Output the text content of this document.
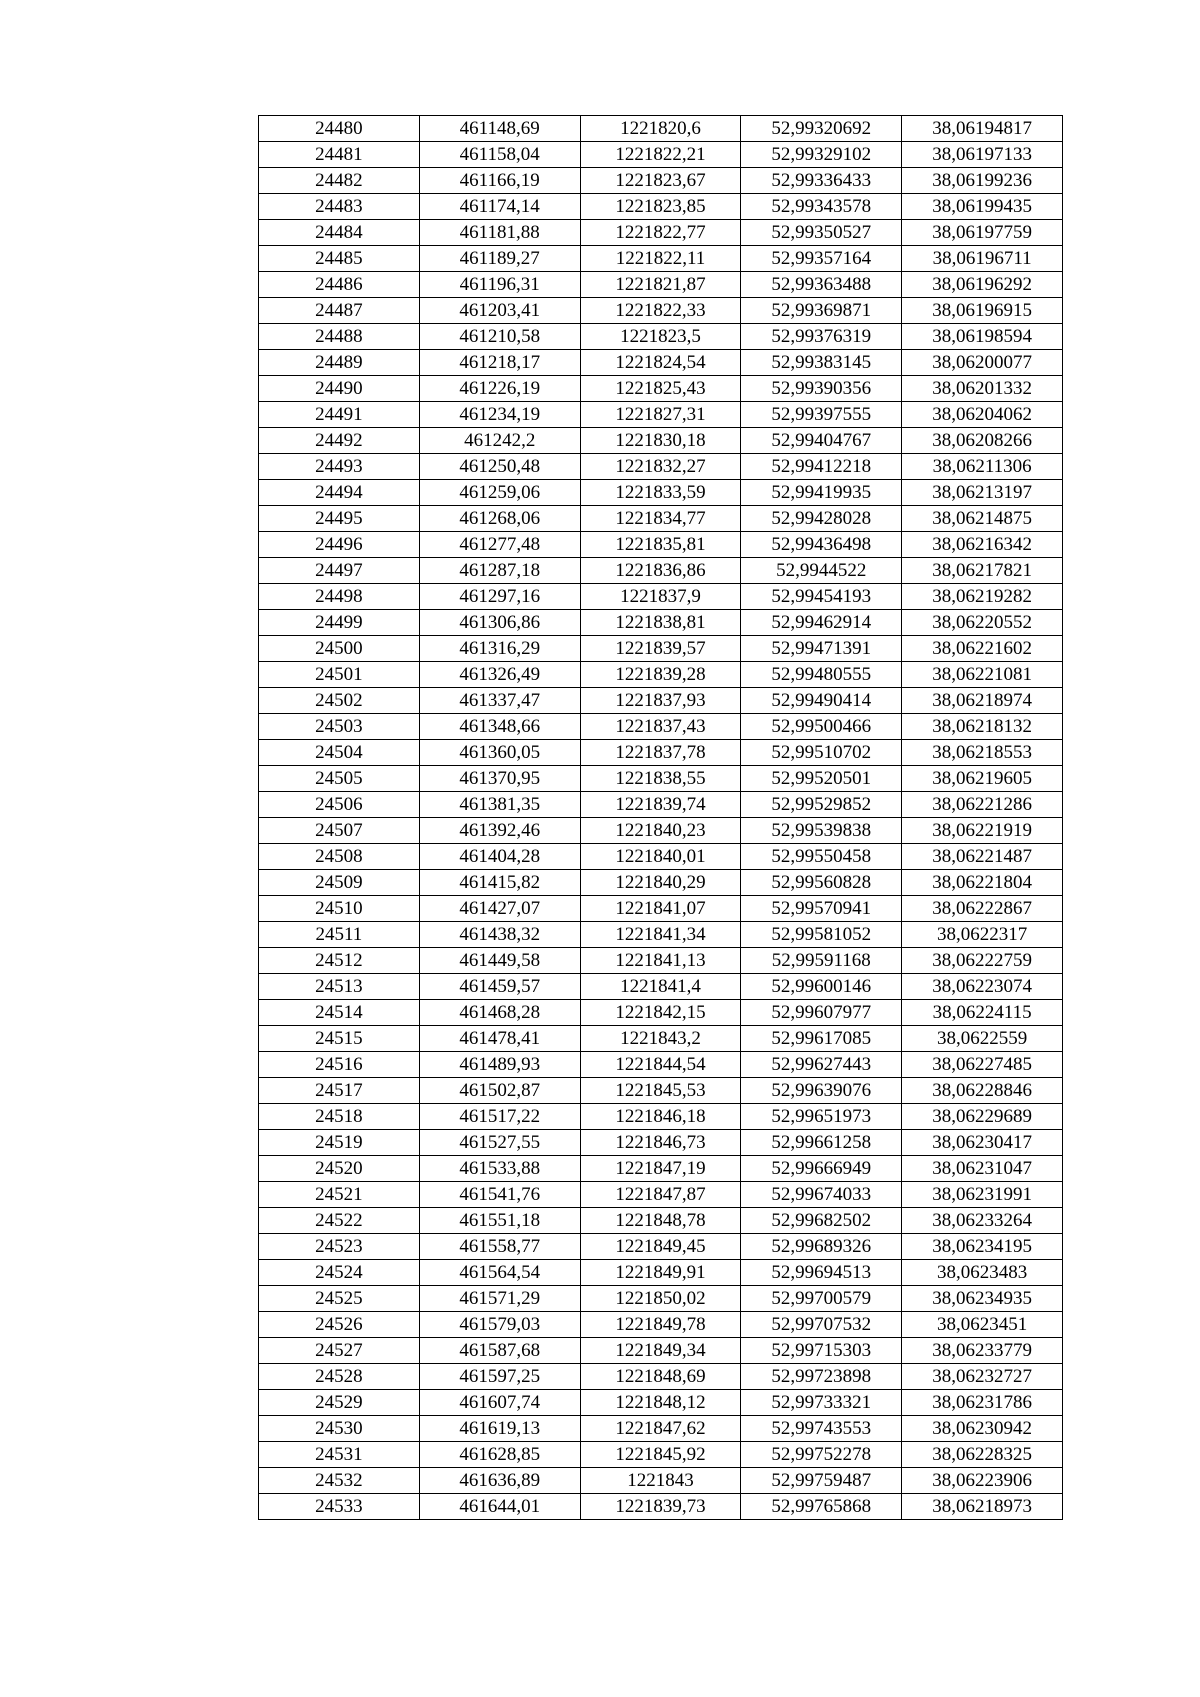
24480	461148,69	1221820,6	52,99320692	38,06194817
24481	461158,04	1221822,21	52,99329102	38,06197133
24482	461166,19	1221823,67	52,99336433	38,06199236
24483	461174,14	1221823,85	52,99343578	38,06199435
24484	461181,88	1221822,77	52,99350527	38,06197759
24485	461189,27	1221822,11	52,99357164	38,06196711
24486	461196,31	1221821,87	52,99363488	38,06196292
24487	461203,41	1221822,33	52,99369871	38,06196915
24488	461210,58	1221823,5	52,99376319	38,06198594
24489	461218,17	1221824,54	52,99383145	38,06200077
24490	461226,19	1221825,43	52,99390356	38,06201332
24491	461234,19	1221827,31	52,99397555	38,06204062
24492	461242,2	1221830,18	52,99404767	38,06208266
24493	461250,48	1221832,27	52,99412218	38,06211306
24494	461259,06	1221833,59	52,99419935	38,06213197
24495	461268,06	1221834,77	52,99428028	38,06214875
24496	461277,48	1221835,81	52,99436498	38,06216342
24497	461287,18	1221836,86	52,9944522	38,06217821
24498	461297,16	1221837,9	52,99454193	38,06219282
24499	461306,86	1221838,81	52,99462914	38,06220552
24500	461316,29	1221839,57	52,99471391	38,06221602
24501	461326,49	1221839,28	52,99480555	38,06221081
24502	461337,47	1221837,93	52,99490414	38,06218974
24503	461348,66	1221837,43	52,99500466	38,06218132
24504	461360,05	1221837,78	52,99510702	38,06218553
24505	461370,95	1221838,55	52,99520501	38,06219605
24506	461381,35	1221839,74	52,99529852	38,06221286
24507	461392,46	1221840,23	52,99539838	38,06221919
24508	461404,28	1221840,01	52,99550458	38,06221487
24509	461415,82	1221840,29	52,99560828	38,06221804
24510	461427,07	1221841,07	52,99570941	38,06222867
24511	461438,32	1221841,34	52,99581052	38,0622317
24512	461449,58	1221841,13	52,99591168	38,06222759
24513	461459,57	1221841,4	52,99600146	38,06223074
24514	461468,28	1221842,15	52,99607977	38,06224115
24515	461478,41	1221843,2	52,99617085	38,0622559
24516	461489,93	1221844,54	52,99627443	38,06227485
24517	461502,87	1221845,53	52,99639076	38,06228846
24518	461517,22	1221846,18	52,99651973	38,06229689
24519	461527,55	1221846,73	52,99661258	38,06230417
24520	461533,88	1221847,19	52,99666949	38,06231047
24521	461541,76	1221847,87	52,99674033	38,06231991
24522	461551,18	1221848,78	52,99682502	38,06233264
24523	461558,77	1221849,45	52,99689326	38,06234195
24524	461564,54	1221849,91	52,99694513	38,0623483
24525	461571,29	1221850,02	52,99700579	38,06234935
24526	461579,03	1221849,78	52,99707532	38,0623451
24527	461587,68	1221849,34	52,99715303	38,06233779
24528	461597,25	1221848,69	52,99723898	38,06232727
24529	461607,74	1221848,12	52,99733321	38,06231786
24530	461619,13	1221847,62	52,99743553	38,06230942
24531	461628,85	1221845,92	52,99752278	38,06228325
24532	461636,89	1221843	52,99759487	38,06223906
24533	461644,01	1221839,73	52,99765868	38,06218973
